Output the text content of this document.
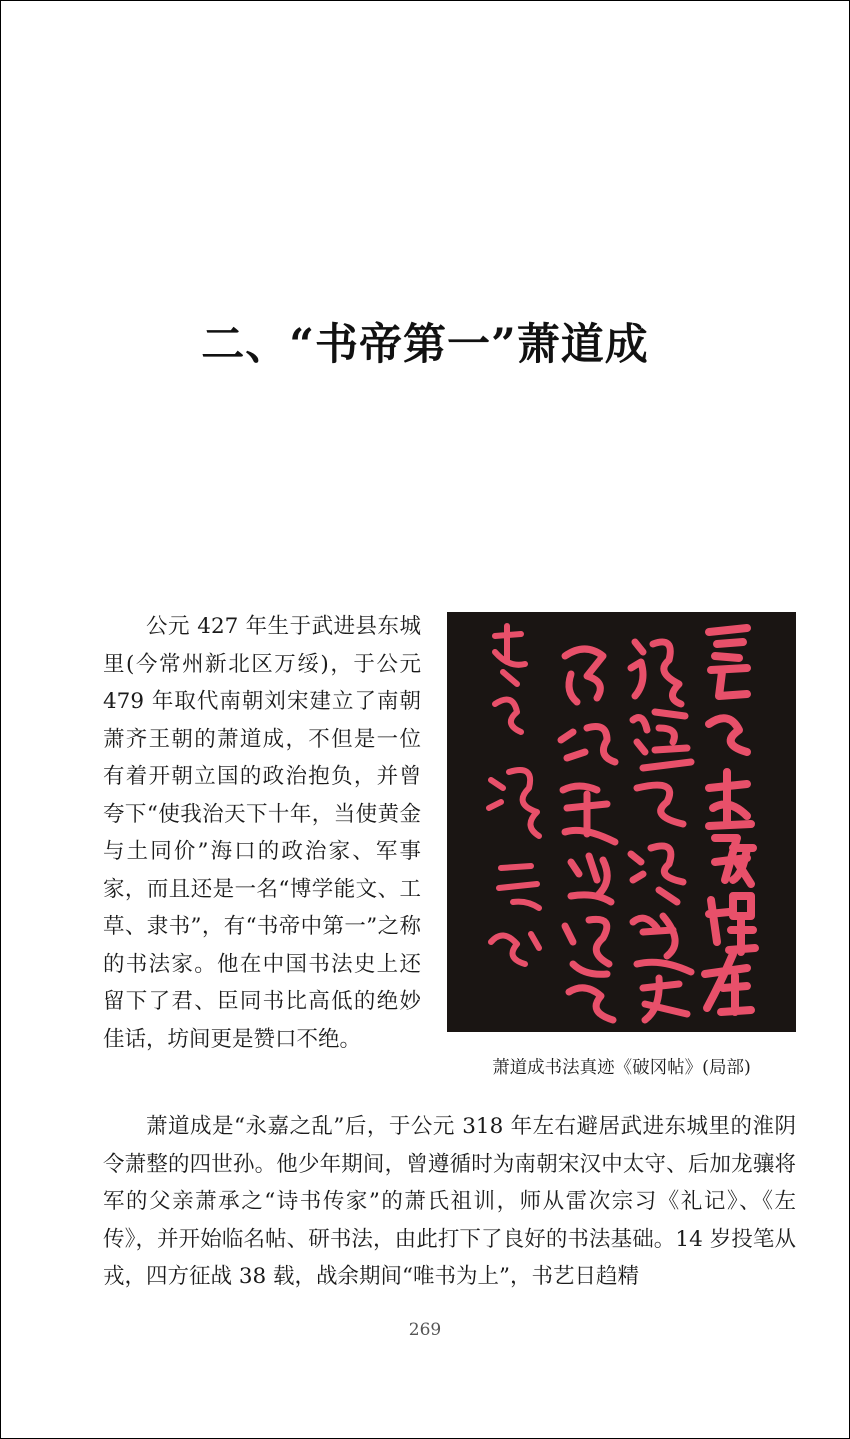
二、“书帝第一”萧道成

公元 427 年生于武进县东城里(今常州新北区万绥)，于公元 479 年取代南朝刘宋建立了南朝萧齐王朝的萧道成，不但是一位有着开朝立国的政治抱负，并曾夸下“使我治天下十年，当使黄金与土同价”海口的政治家、军事家，而且还是一名“博学能文、工草、隶书”，有“书帝中第一”之称的书法家。他在中国书法史上还留下了君、臣同书比高低的绝妙佳话，坊间更是赞口不绝。

萧道成书法真迹《破冈帖》(局部)

萧道成是“永嘉之乱”后，于公元 318 年左右避居武进东城里的淮阴令萧整的四世孙。他少年期间，曾遵循时为南朝宋汉中太守、后加龙骧将军的父亲萧承之“诗书传家”的萧氏祖训，师从雷次宗习《礼记》、《左传》，并开始临名帖、研书法，由此打下了良好的书法基础。14 岁投笔从戎，四方征战 38 载，战余期间“唯书为上”，书艺日趋精

269
